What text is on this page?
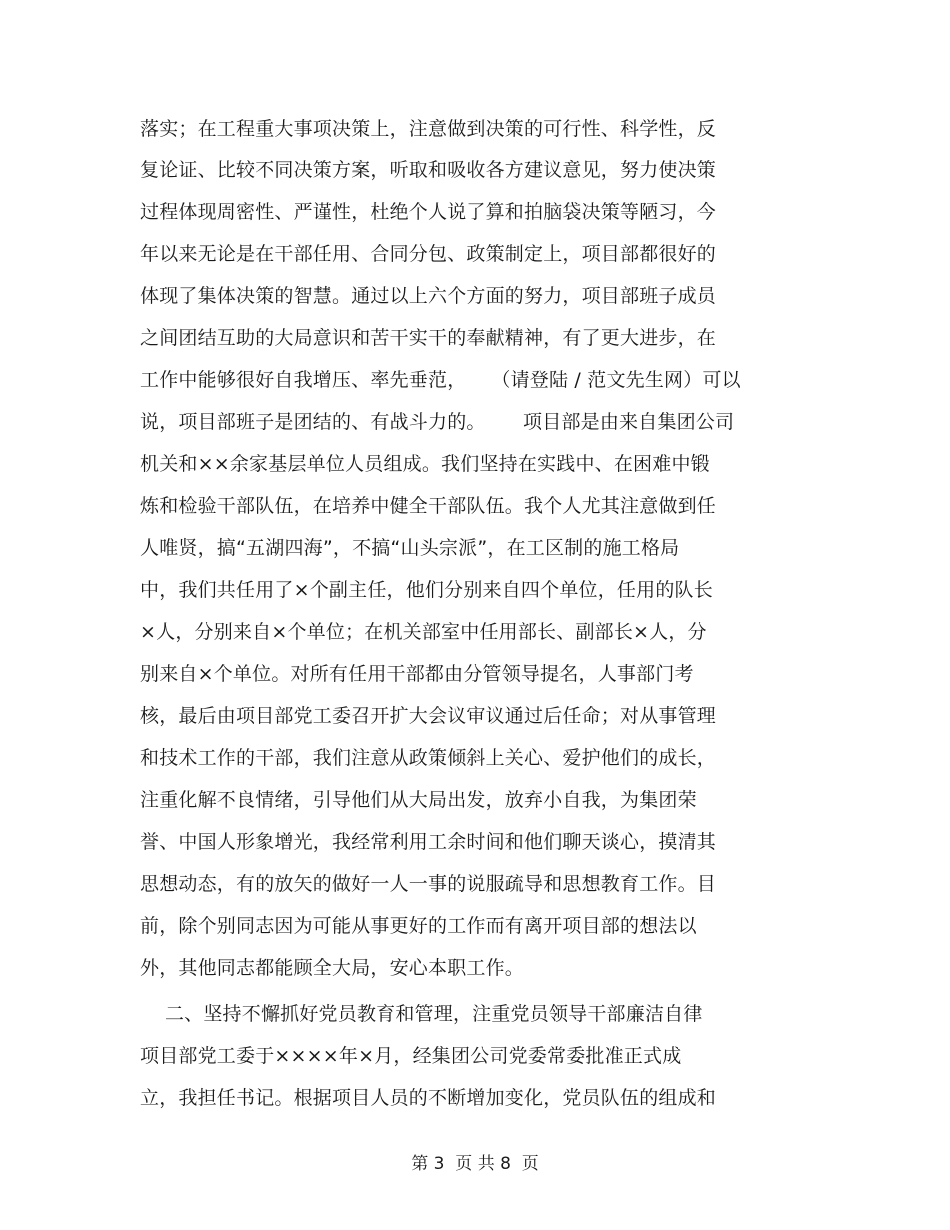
落实；在工程重大事项决策上，注意做到决策的可行性、科学性，反
复论证、比较不同决策方案，听取和吸收各方建议意见，努力使决策
过程体现周密性、严谨性，杜绝个人说了算和拍脑袋决策等陋习，今
年以来无论是在干部任用、合同分包、政策制定上，项目部都很好的
体现了集体决策的智慧。通过以上六个方面的努力，项目部班子成员
之间团结互助的大局意识和苦干实干的奉献精神，有了更大进步，在
工作中能够很好自我增压、率先垂范，    （请登陆 / 范文先生网）可以
说，项目部班子是团结的、有战斗力的。      项目部是由来自集团公司
机关和××余家基层单位人员组成。我们坚持在实践中、在困难中锻
炼和检验干部队伍，在培养中健全干部队伍。我个人尤其注意做到任
人唯贤，搞“五湖四海”，不搞“山头宗派”，在工区制的施工格局
中，我们共任用了×个副主任，他们分别来自四个单位，任用的队长
×人，分别来自×个单位；在机关部室中任用部长、副部长×人，分
别来自×个单位。对所有任用干部都由分管领导提名，人事部门考
核，最后由项目部党工委召开扩大会议审议通过后任命；对从事管理
和技术工作的干部，我们注意从政策倾斜上关心、爱护他们的成长，
注重化解不良情绪，引导他们从大局出发，放弃小自我，为集团荣
誉、中国人形象增光，我经常利用工余时间和他们聊天谈心，摸清其
思想动态，有的放矢的做好一人一事的说服疏导和思想教育工作。目
前，除个别同志因为可能从事更好的工作而有离开项目部的想法以
外，其他同志都能顾全大局，安心本职工作。
二、坚持不懈抓好党员教育和管理，注重党员领导干部廉洁自律
项目部党工委于××××年×月，经集团公司党委常委批准正式成
立，我担任书记。根据项目人员的不断增加变化，党员队伍的组成和
第 3  页 共 8  页
